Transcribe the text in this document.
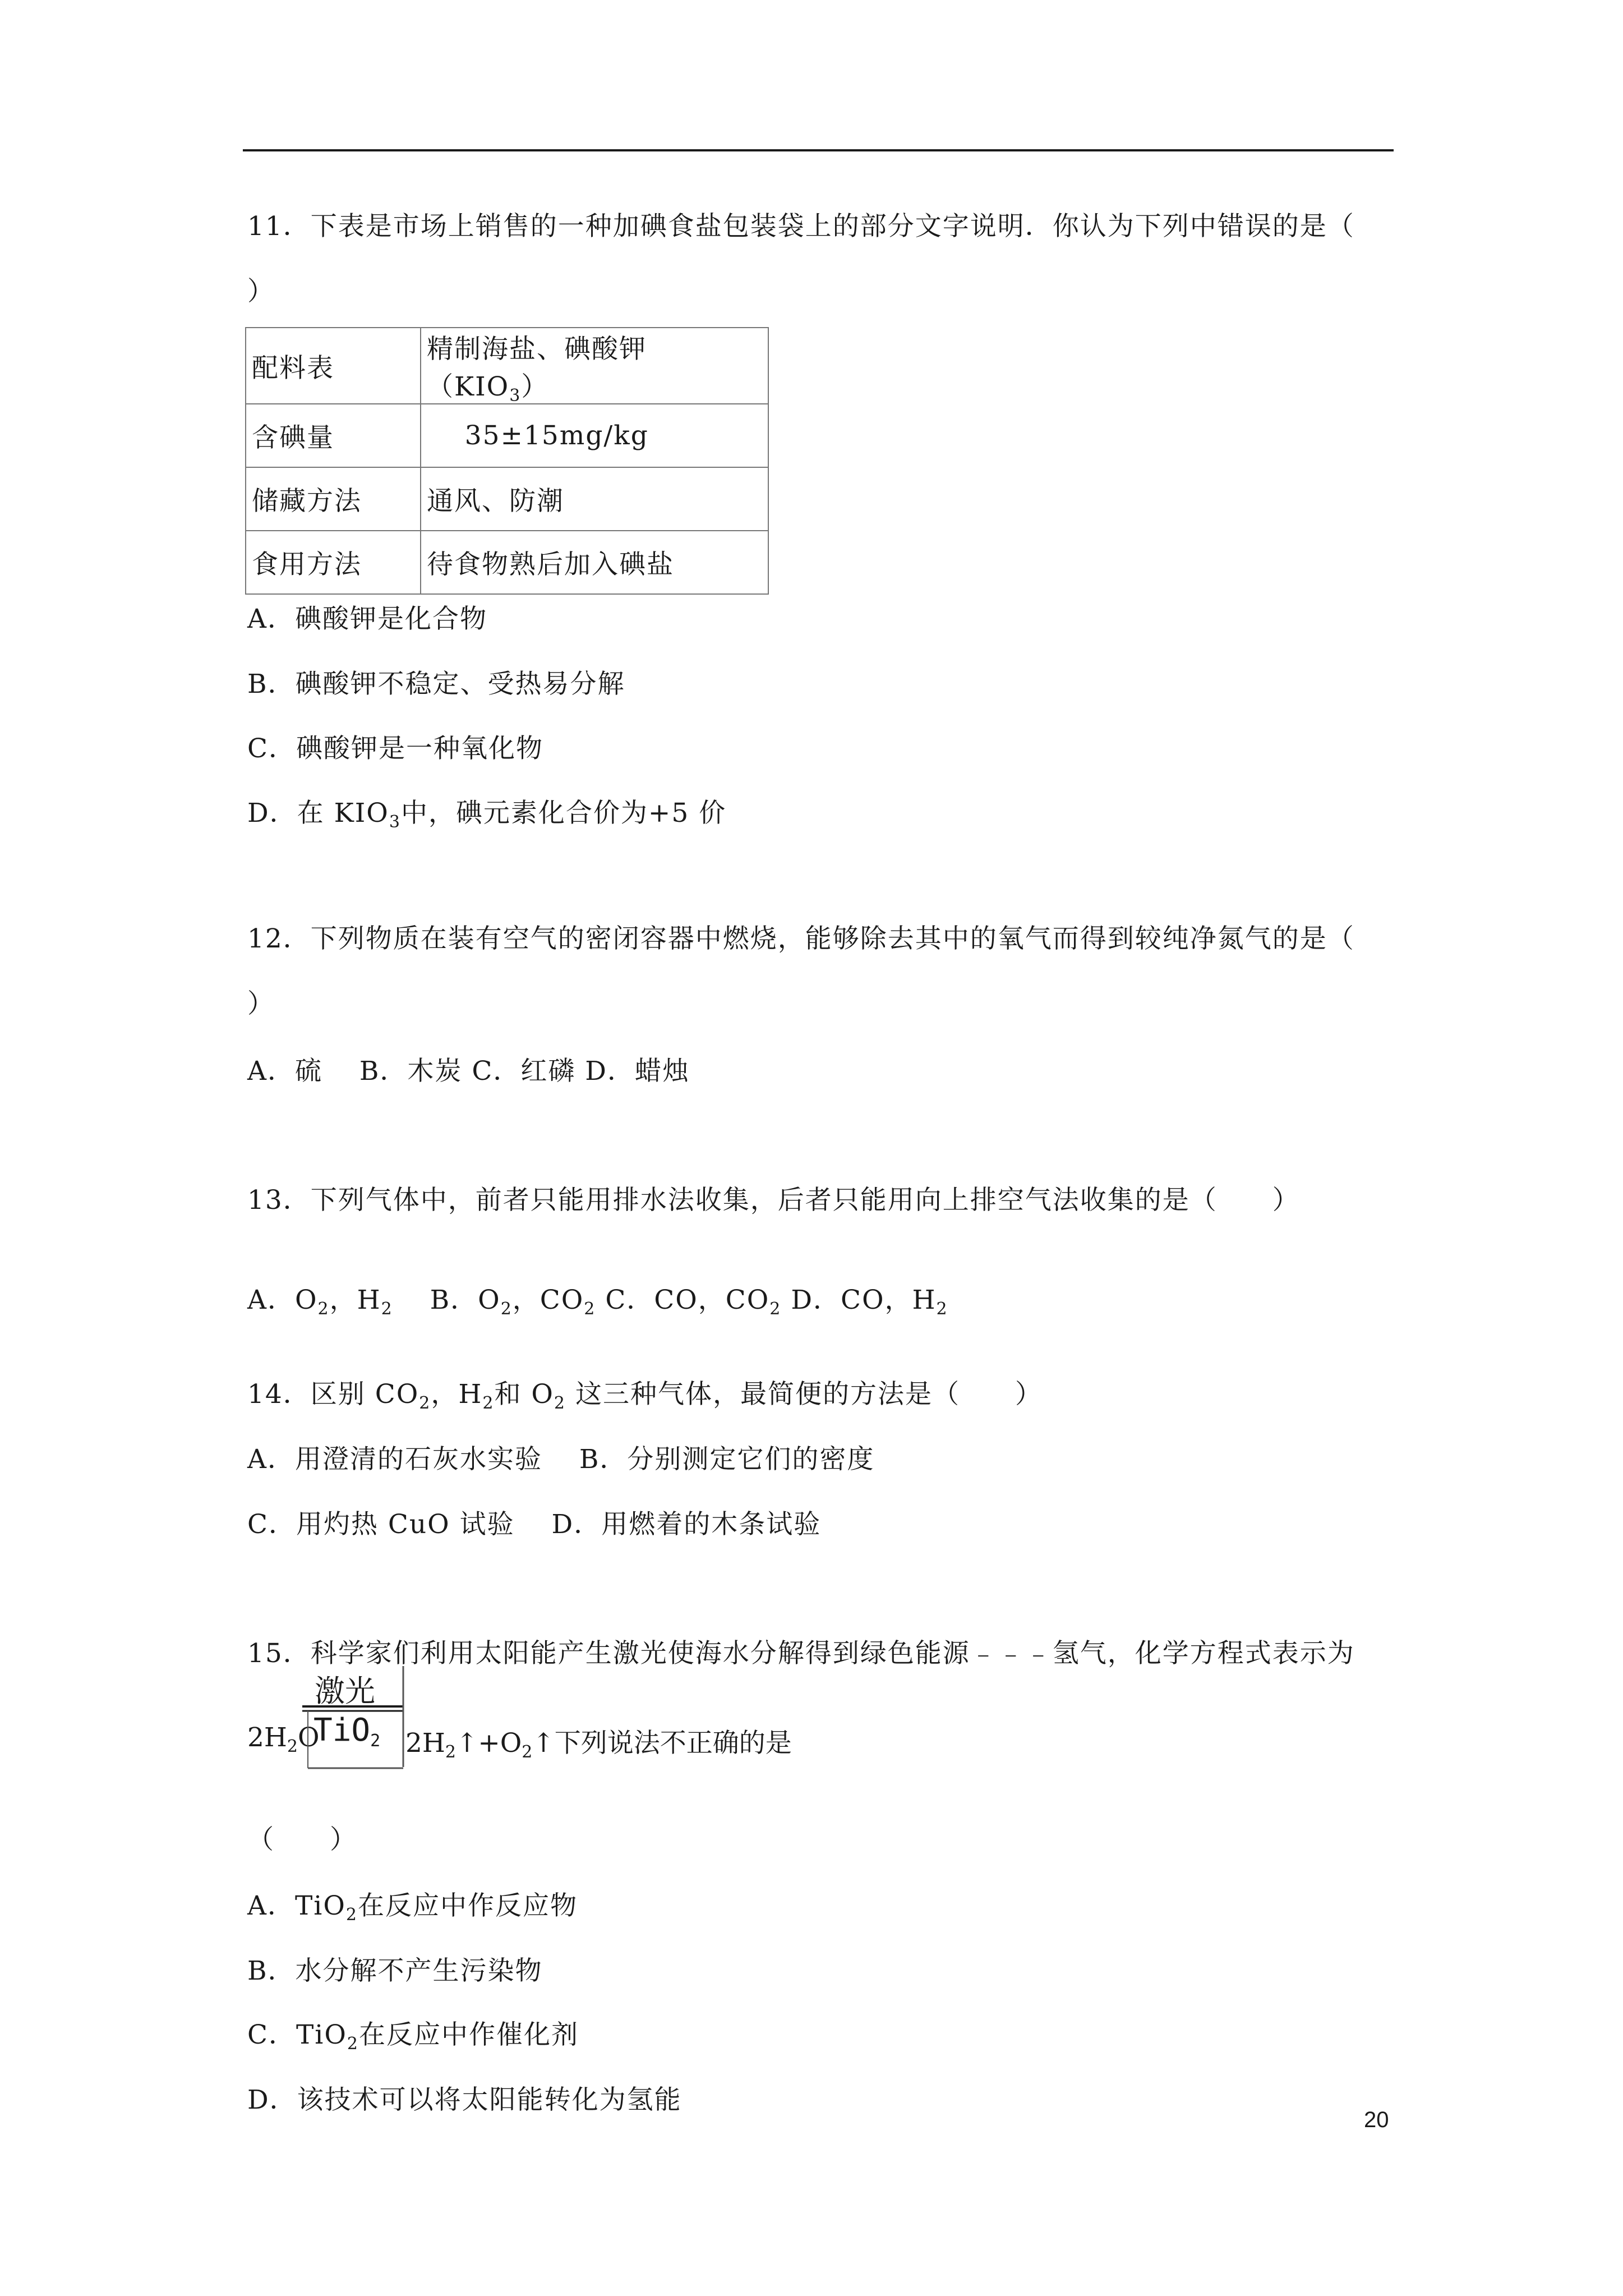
11．下表是市场上销售的一种加碘食盐包装袋上的部分文字说明．你认为下列中错误的是（
）
配料表	精制海盐、碘酸钾$(KIO_3)$
含碘量	35±15mg/kg
储藏方法	通风、防潮
食用方法	待食物熟后加入碘盐
A．碘酸钾是化合物
B．碘酸钾不稳定、受热易分解
C．碘酸钾是一种氧化物
D．在 $KIO_3$中，碘元素化合价为+5 价
12．下列物质在装有空气的密闭容器中燃烧，能够除去其中的氧气而得到较纯净氮气的是（
）
A．硫　 B．木炭 C．红磷 D．蜡烛
13．下列气体中，前者只能用排水法收集，后者只能用向上排空气法收集的是（　　）

A．$O_2$，$H_2$　 B．$O_2$，$CO_2$ C．CO，$CO_2$ D．CO，$H_2$

14．区别 $CO_2$，$H_2$和 $O_2$ 这三种气体，最简便的方法是（　　）
A．用澄清的石灰水实验　 B．分别测定它们的密度
C．用灼热 CuO 试验　 D．用燃着的木条试验
15．科学家们利用太阳能产生激光使海水分解得到绿色能源﹣﹣﹣氢气，化学方程式表示为
$2H_2O$
激光
TiO$_2$ $2H_2↑+O_2↑$下列说法不正确的是
（　　）
A．TiO$_2$在反应中作反应物
B．水分解不产生污染物
C．TiO$_2$在反应中作催化剂
D．该技术可以将太阳能转化为氢能
20
